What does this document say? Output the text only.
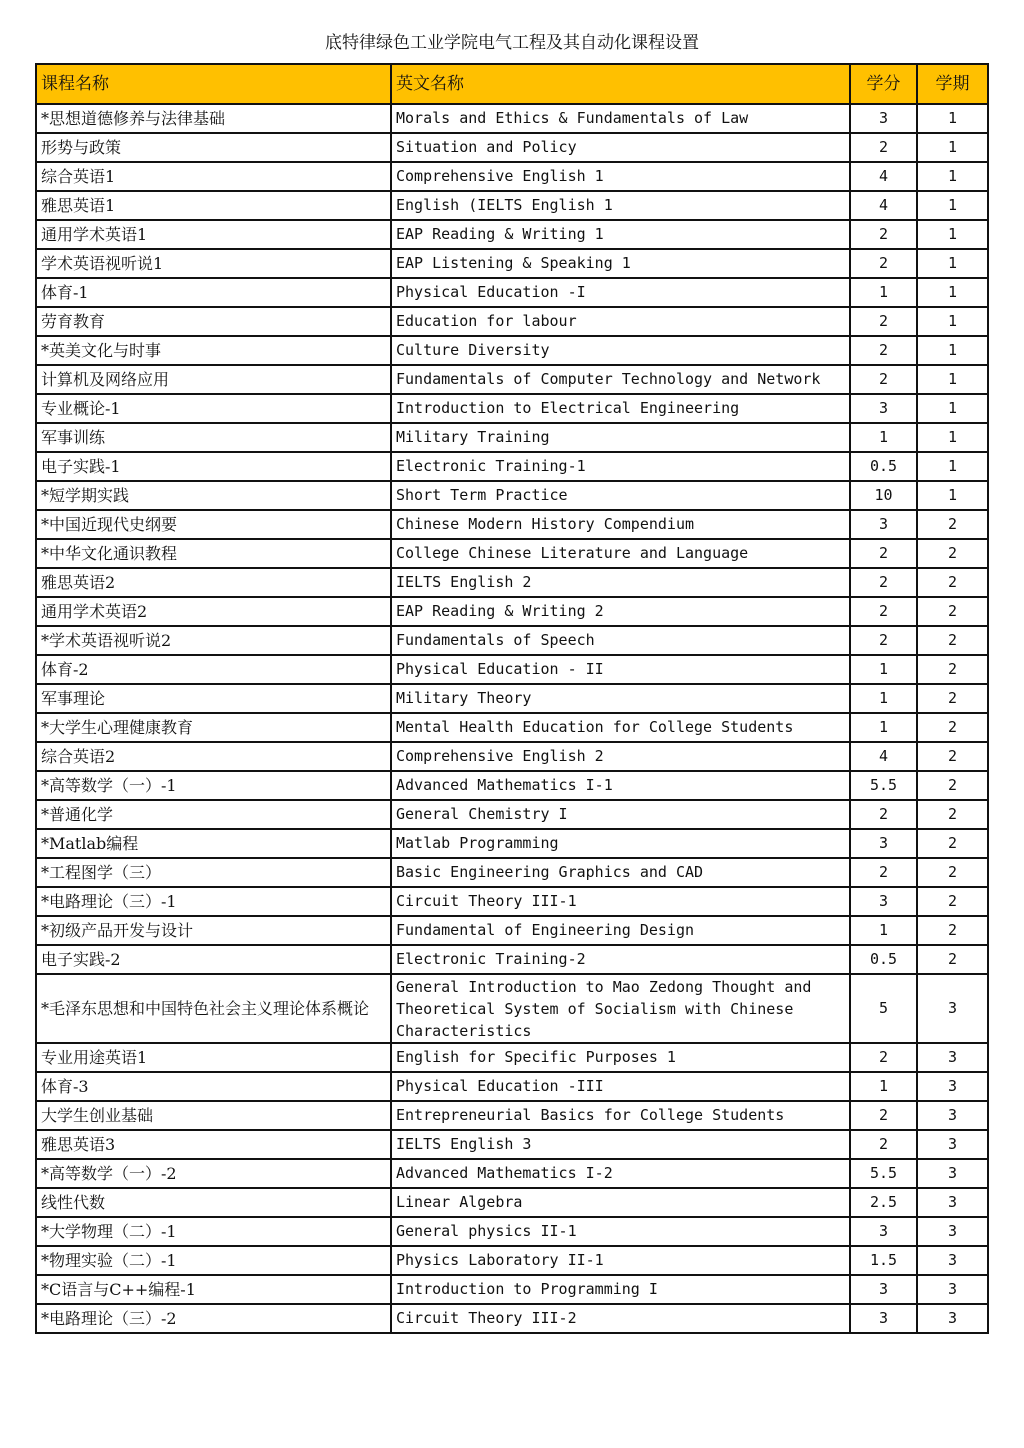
底特律绿色工业学院电气工程及其自动化课程设置
课程名称	英文名称	学分	学期
*思想道德修养与法律基础	Morals and Ethics & Fundamentals of Law	3	1
形势与政策	Situation and Policy	2	1
综合英语1	Comprehensive English 1	4	1
雅思英语1	English (IELTS English 1	4	1
通用学术英语1	EAP Reading & Writing 1	2	1
学术英语视听说1	EAP Listening & Speaking 1	2	1
体育-1	Physical Education -I	1	1
劳育教育	Education for labour	2	1
*英美文化与时事	Culture Diversity	2	1
计算机及网络应用	Fundamentals of Computer Technology and Network	2	1
专业概论-1	Introduction to Electrical Engineering	3	1
军事训练	Military Training	1	1
电子实践-1	Electronic Training-1	0.5	1
*短学期实践	Short Term Practice	10	1
*中国近现代史纲要	Chinese Modern History Compendium	3	2
*中华文化通识教程	College Chinese Literature and Language	2	2
雅思英语2	IELTS English 2	2	2
通用学术英语2	EAP Reading & Writing 2	2	2
*学术英语视听说2	Fundamentals of Speech	2	2
体育-2	Physical Education - II	1	2
军事理论	Military Theory	1	2
*大学生心理健康教育	Mental Health Education for College Students	1	2
综合英语2	Comprehensive English 2	4	2
*高等数学（一）-1	Advanced Mathematics I-1	5.5	2
*普通化学	General Chemistry I	2	2
*Matlab编程	Matlab Programming	3	2
*工程图学（三）	Basic Engineering Graphics and CAD	2	2
*电路理论（三）-1	Circuit Theory III-1	3	2
*初级产品开发与设计	Fundamental of Engineering Design	1	2
电子实践-2	Electronic Training-2	0.5	2
*毛泽东思想和中国特色社会主义理论体系概论	General Introduction to Mao Zedong Thought and Theoretical System of Socialism with Chinese Characteristics	5	3
专业用途英语1	English for Specific Purposes 1	2	3
体育-3	Physical Education -III	1	3
大学生创业基础	Entrepreneurial Basics for College Students	2	3
雅思英语3	IELTS English 3	2	3
*高等数学（一）-2	Advanced Mathematics I-2	5.5	3
线性代数	Linear Algebra	2.5	3
*大学物理（二）-1	General physics II-1	3	3
*物理实验（二）-1	Physics Laboratory II-1	1.5	3
*C语言与C++编程-1	Introduction to Programming I	3	3
*电路理论（三）-2	Circuit Theory III-2	3	3
